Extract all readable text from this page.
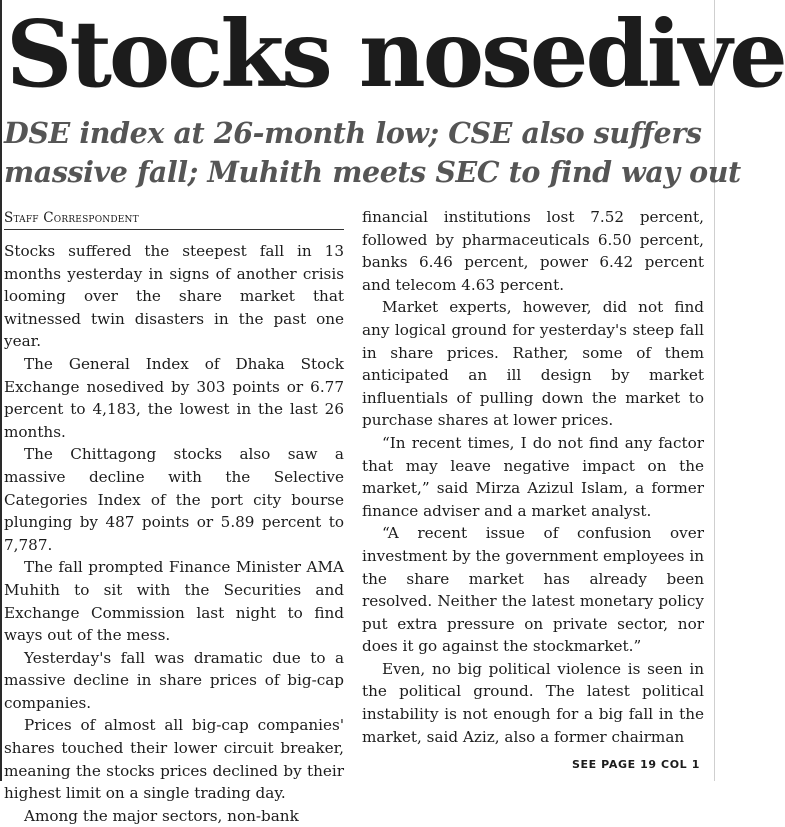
Stocks nosedive
DSE index at 26-month low; CSE also suffers
massive fall; Muhith meets SEC to find way out
Staff Correspondent

Stocks suffered the steepest fall in 13 months yesterday in signs of another crisis looming over the share market that witnessed twin disasters in the past one year.

The General Index of Dhaka Stock Exchange nosedived by 303 points or 6.77 percent to 4,183, the lowest in the last 26 months.

The Chittagong stocks also saw a massive decline with the Selective Categories Index of the port city bourse plunging by 487 points or 5.89 percent to 7,787.

The fall prompted Finance Minister AMA Muhith to sit with the Securities and Exchange Commission last night to find ways out of the mess.

Yesterday's fall was dramatic due to a massive decline in share prices of big-cap companies.

Prices of almost all big-cap companies' shares touched their lower circuit breaker, meaning the stocks prices declined by their highest limit on a single trading day.

Among the major sectors, non-bank

financial institutions lost 7.52 percent, followed by pharmaceuticals 6.50 percent, banks 6.46 percent, power 6.42 percent and telecom 4.63 percent.

Market experts, however, did not find any logical ground for yesterday's steep fall in share prices. Rather, some of them anticipated an ill design by market influentials of pulling down the market to purchase shares at lower prices.

“In recent times, I do not find any factor that may leave negative impact on the market,” said Mirza Azizul Islam, a former finance adviser and a market analyst.

“A recent issue of confusion over investment by the government employees in the share market has already been resolved. Neither the latest monetary policy put extra pressure on private sector, nor does it go against the stockmarket.”

Even, no big political violence is seen in the political ground. The latest political instability is not enough for a big fall in the market, said Aziz, also a former chairman

SEE PAGE 19 COL 1
